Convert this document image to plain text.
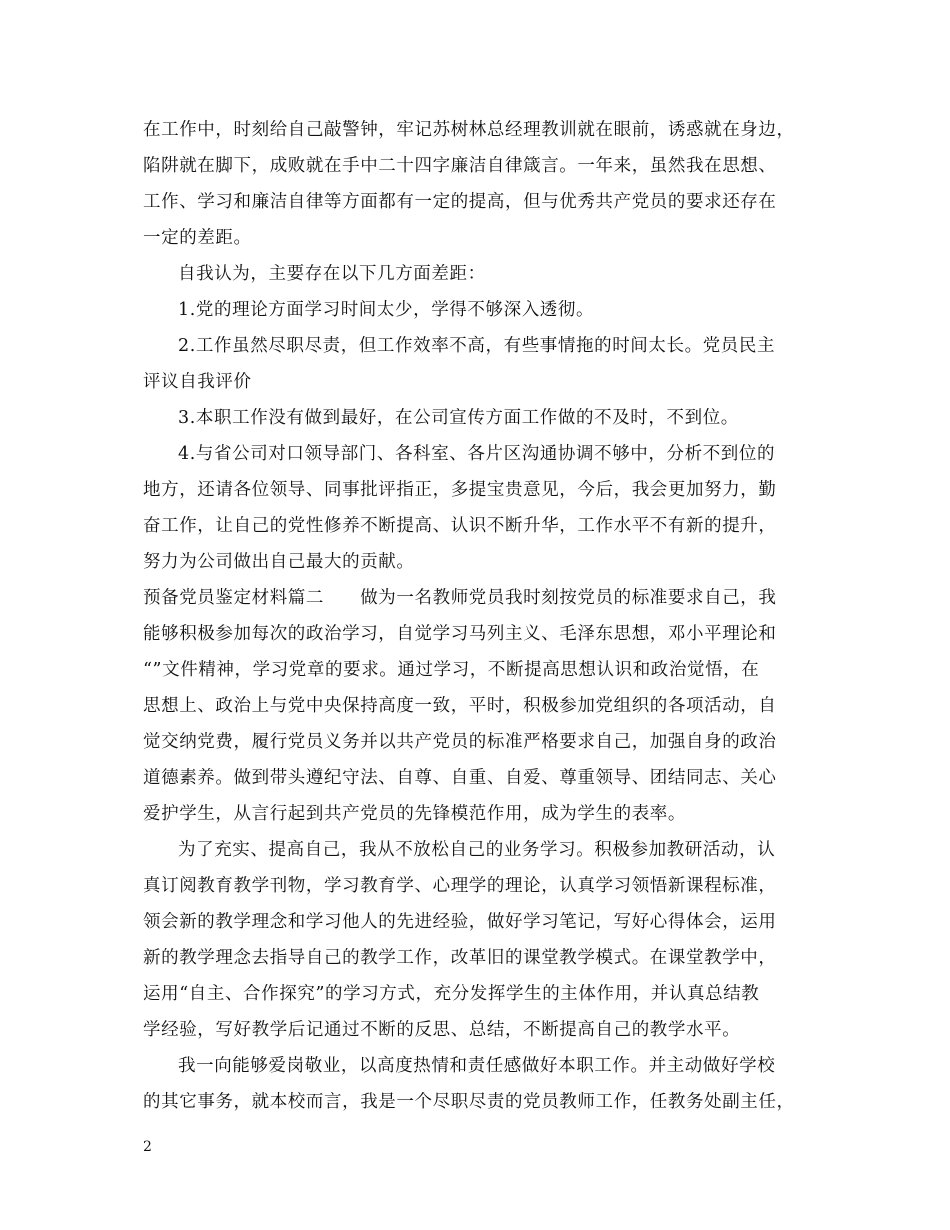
在工作中，时刻给自己敲警钟，牢记苏树林总经理教训就在眼前，诱惑就在身边，
陷阱就在脚下，成败就在手中二十四字廉洁自律箴言。一年来，虽然我在思想、
工作、学习和廉洁自律等方面都有一定的提高，但与优秀共产党员的要求还存在
一定的差距。
自我认为，主要存在以下几方面差距：
1.党的理论方面学习时间太少，学得不够深入透彻。
2.工作虽然尽职尽责，但工作效率不高，有些事情拖的时间太长。党员民主
评议自我评价
3.本职工作没有做到最好，在公司宣传方面工作做的不及时，不到位。
4.与省公司对口领导部门、各科室、各片区沟通协调不够中，分析不到位的
地方，还请各位领导、同事批评指正，多提宝贵意见，今后，我会更加努力，勤
奋工作，让自己的党性修养不断提高、认识不断升华，工作水平不有新的提升，
努力为公司做出自己最大的贡献。
预备党员鉴定材料篇二　　做为一名教师党员我时刻按党员的标准要求自己，我
能够积极参加每次的政治学习，自觉学习马列主义、毛泽东思想，邓小平理论和
“”文件精神，学习党章的要求。通过学习，不断提高思想认识和政治觉悟，在
思想上、政治上与党中央保持高度一致，平时，积极参加党组织的各项活动，自
觉交纳党费，履行党员义务并以共产党员的标准严格要求自己，加强自身的政治
道德素养。做到带头遵纪守法、自尊、自重、自爱、尊重领导、团结同志、关心
爱护学生，从言行起到共产党员的先锋模范作用，成为学生的表率。
为了充实、提高自己，我从不放松自己的业务学习。积极参加教研活动，认
真订阅教育教学刊物，学习教育学、心理学的理论，认真学习领悟新课程标准，
领会新的教学理念和学习他人的先进经验，做好学习笔记，写好心得体会，运用
新的教学理念去指导自己的教学工作，改革旧的课堂教学模式。在课堂教学中，
运用“自主、合作探究”的学习方式，充分发挥学生的主体作用，并认真总结教
学经验，写好教学后记通过不断的反思、总结，不断提高自己的教学水平。
我一向能够爱岗敬业，以高度热情和责任感做好本职工作。并主动做好学校
的其它事务，就本校而言，我是一个尽职尽责的党员教师工作，任教务处副主任，
2
